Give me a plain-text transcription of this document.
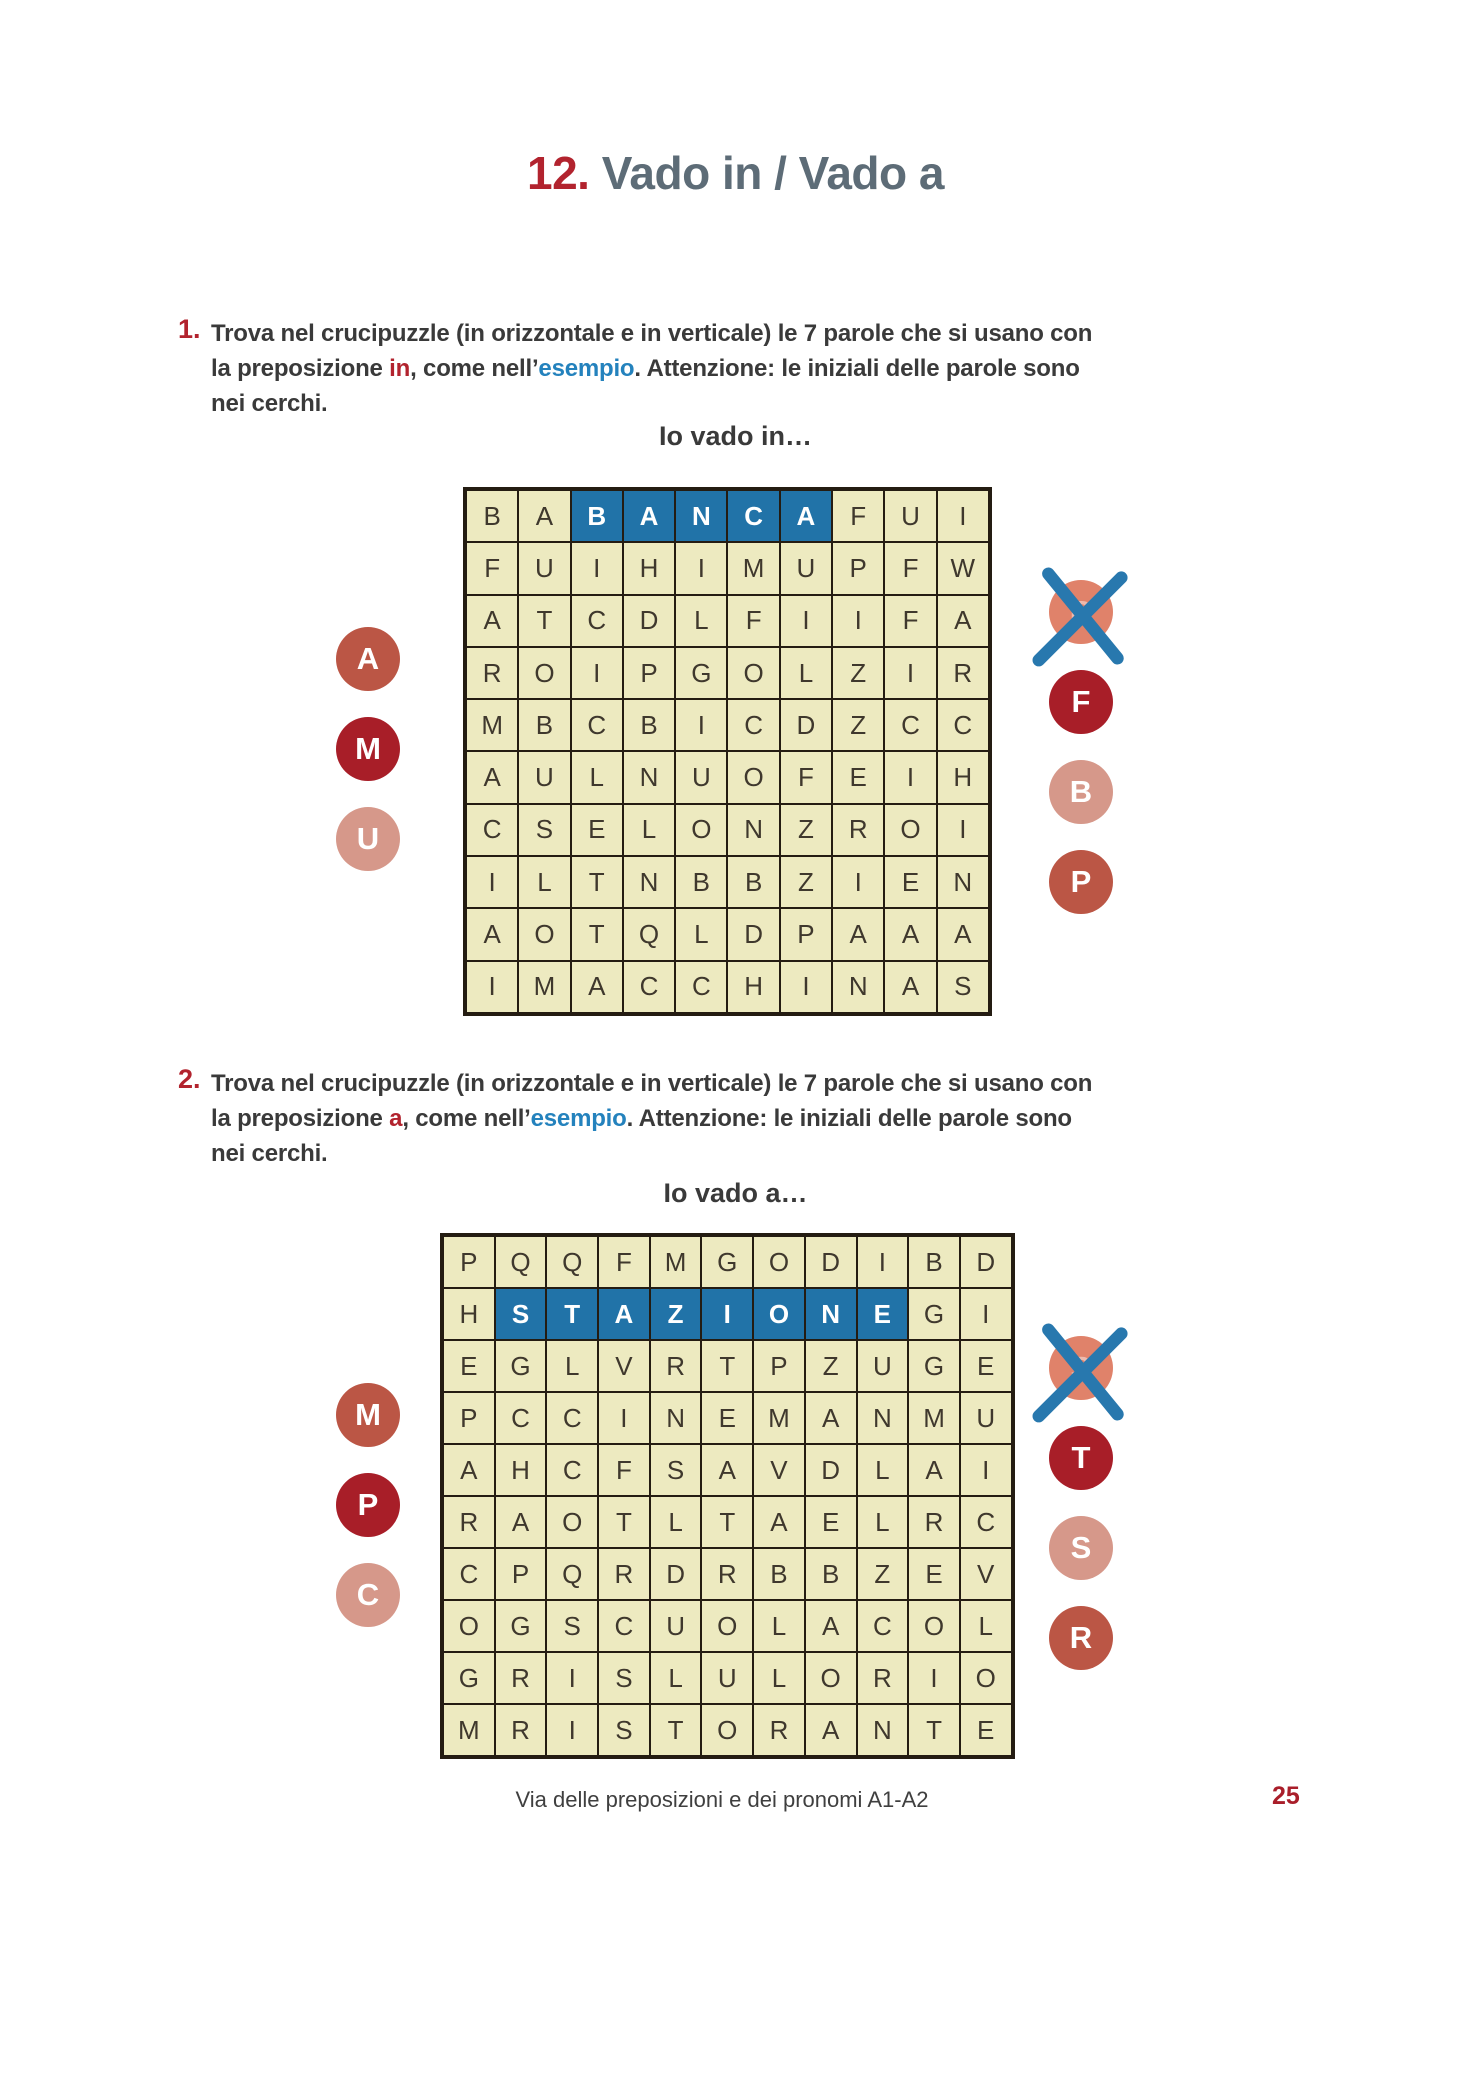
12. Vado in / Vado a
1. Trova nel crucipuzzle (in orizzontale e in verticale) le 7 parole che si usano con
la preposizione in, come nell’esempio. Attenzione: le iniziali delle parole sono
nei cerchi.
Io vado in…
B	A	B	A	N	C	A	F	U	I
F	U	I	H	I	M	U	P	F	W
A	T	C	D	L	F	I	I	F	A
R	O	I	P	G	O	L	Z	I	R
M	B	C	B	I	C	D	Z	C	C
A	U	L	N	U	O	F	E	I	H
C	S	E	L	O	N	Z	R	O	I
I	L	T	N	B	B	Z	I	E	N
A	O	T	Q	L	D	P	A	A	A
I	M	A	C	C	H	I	N	A	S
A
M
U
B
F
B
P
2. Trova nel crucipuzzle (in orizzontale e in verticale) le 7 parole che si usano con
la preposizione a, come nell’esempio. Attenzione: le iniziali delle parole sono
nei cerchi.
Io vado a…
P	Q	Q	F	M	G	O	D	I	B	D
H	S	T	A	Z	I	O	N	E	G	I
E	G	L	V	R	T	P	Z	U	G	E
P	C	C	I	N	E	M	A	N	M	U
A	H	C	F	S	A	V	D	L	A	I
R	A	O	T	L	T	A	E	L	R	C
C	P	Q	R	D	R	B	B	Z	E	V
O	G	S	C	U	O	L	A	C	O	L
G	R	I	S	L	U	L	O	R	I	O
M	R	I	S	T	O	R	A	N	T	E
M
P
C
S
T
S
R
Via delle preposizioni e dei pronomi A1-A2	25
